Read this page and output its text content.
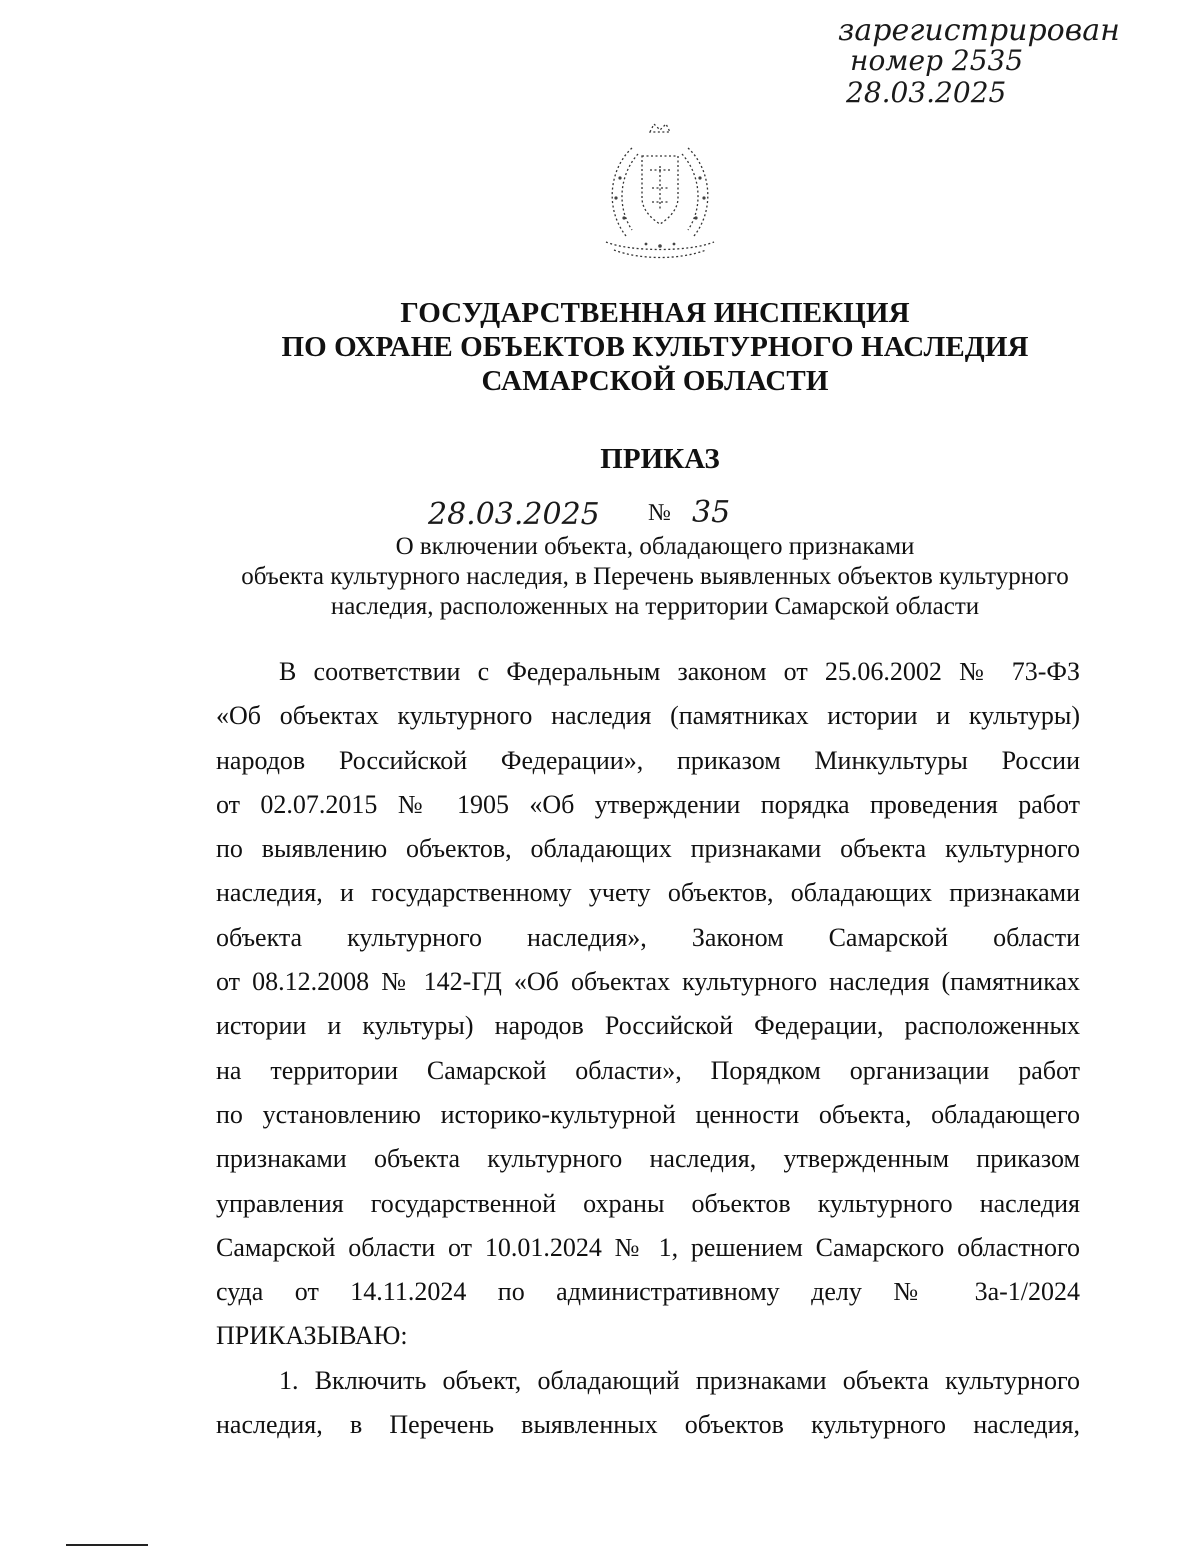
зарегистрирован
номер 2535
28.03.2025
ГОСУДАРСТВЕННАЯ ИНСПЕКЦИЯ
ПО ОХРАНЕ ОБЪЕКТОВ КУЛЬТУРНОГО НАСЛЕДИЯ
САМАРСКОЙ ОБЛАСТИ
ПРИКАЗ
28.03.2025 № 35
О включении объекта, обладающего признаками
объекта культурного наследия, в Перечень выявленных объектов культурного
наследия, расположенных на территории Самарской области
В соответствии с Федеральным законом от 25.06.2002 № 73-ФЗ
«Об объектах культурного наследия (памятниках истории и культуры)
народов Российской Федерации», приказом Минкультуры России
от 02.07.2015 № 1905 «Об утверждении порядка проведения работ
по выявлению объектов, обладающих признаками объекта культурного
наследия, и государственному учету объектов, обладающих признаками
объекта культурного наследия», Законом Самарской области
от 08.12.2008 № 142-ГД «Об объектах культурного наследия (памятниках
истории и культуры) народов Российской Федерации, расположенных
на территории Самарской области», Порядком организации работ
по установлению историко-культурной ценности объекта, обладающего
признаками объекта культурного наследия, утвержденным приказом
управления государственной охраны объектов культурного наследия
Самарской области от 10.01.2024 № 1, решением Самарского областного
суда от 14.11.2024 по административному делу № 3а-1/2024
ПРИКАЗЫВАЮ:
1. Включить объект, обладающий признаками объекта культурного
наследия, в Перечень выявленных объектов культурного наследия,
